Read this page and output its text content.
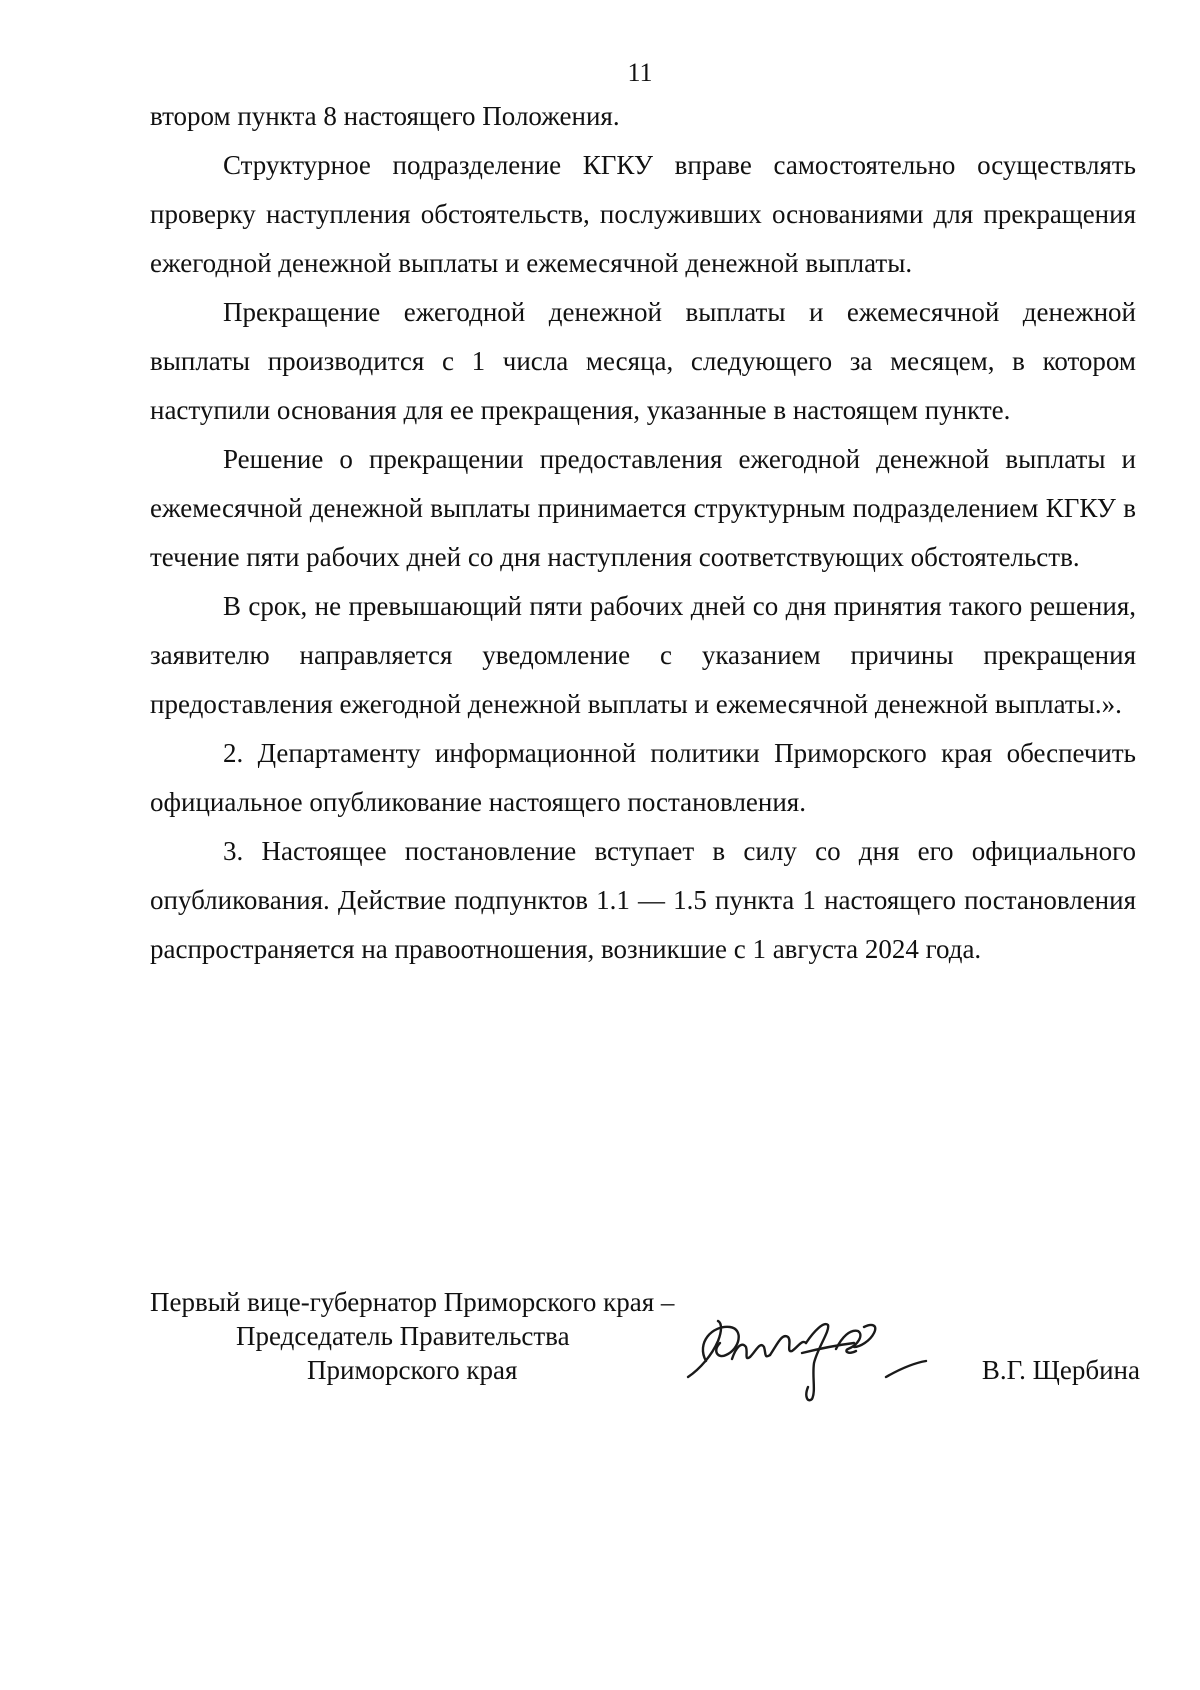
11

втором пункта 8 настоящего Положения.

Структурное подразделение КГКУ вправе самостоятельно осуществлять проверку наступления обстоятельств, послуживших основаниями для прекращения ежегодной денежной выплаты и ежемесячной денежной выплаты.

Прекращение ежегодной денежной выплаты и ежемесячной денежной выплаты производится с 1 числа месяца, следующего за месяцем, в котором наступили основания для ее прекращения, указанные в настоящем пункте.

Решение о прекращении предоставления ежегодной денежной выплаты и ежемесячной денежной выплаты принимается структурным подразделением КГКУ в течение пяти рабочих дней со дня наступления соответствующих обстоятельств.

В срок, не превышающий пяти рабочих дней со дня принятия такого решения, заявителю направляется уведомление с указанием причины прекращения предоставления ежегодной денежной выплаты и ежемесячной денежной выплаты.».

2. Департаменту информационной политики Приморского края обеспечить официальное опубликование настоящего постановления.

3. Настоящее постановление вступает в силу со дня его официального опубликования. Действие подпунктов 1.1 — 1.5 пункта 1 настоящего постановления распространяется на правоотношения, возникшие с 1 августа 2024 года.

Первый вице-губернатор Приморского края –
Председатель Правительства
Приморского края	В.Г. Щербина
